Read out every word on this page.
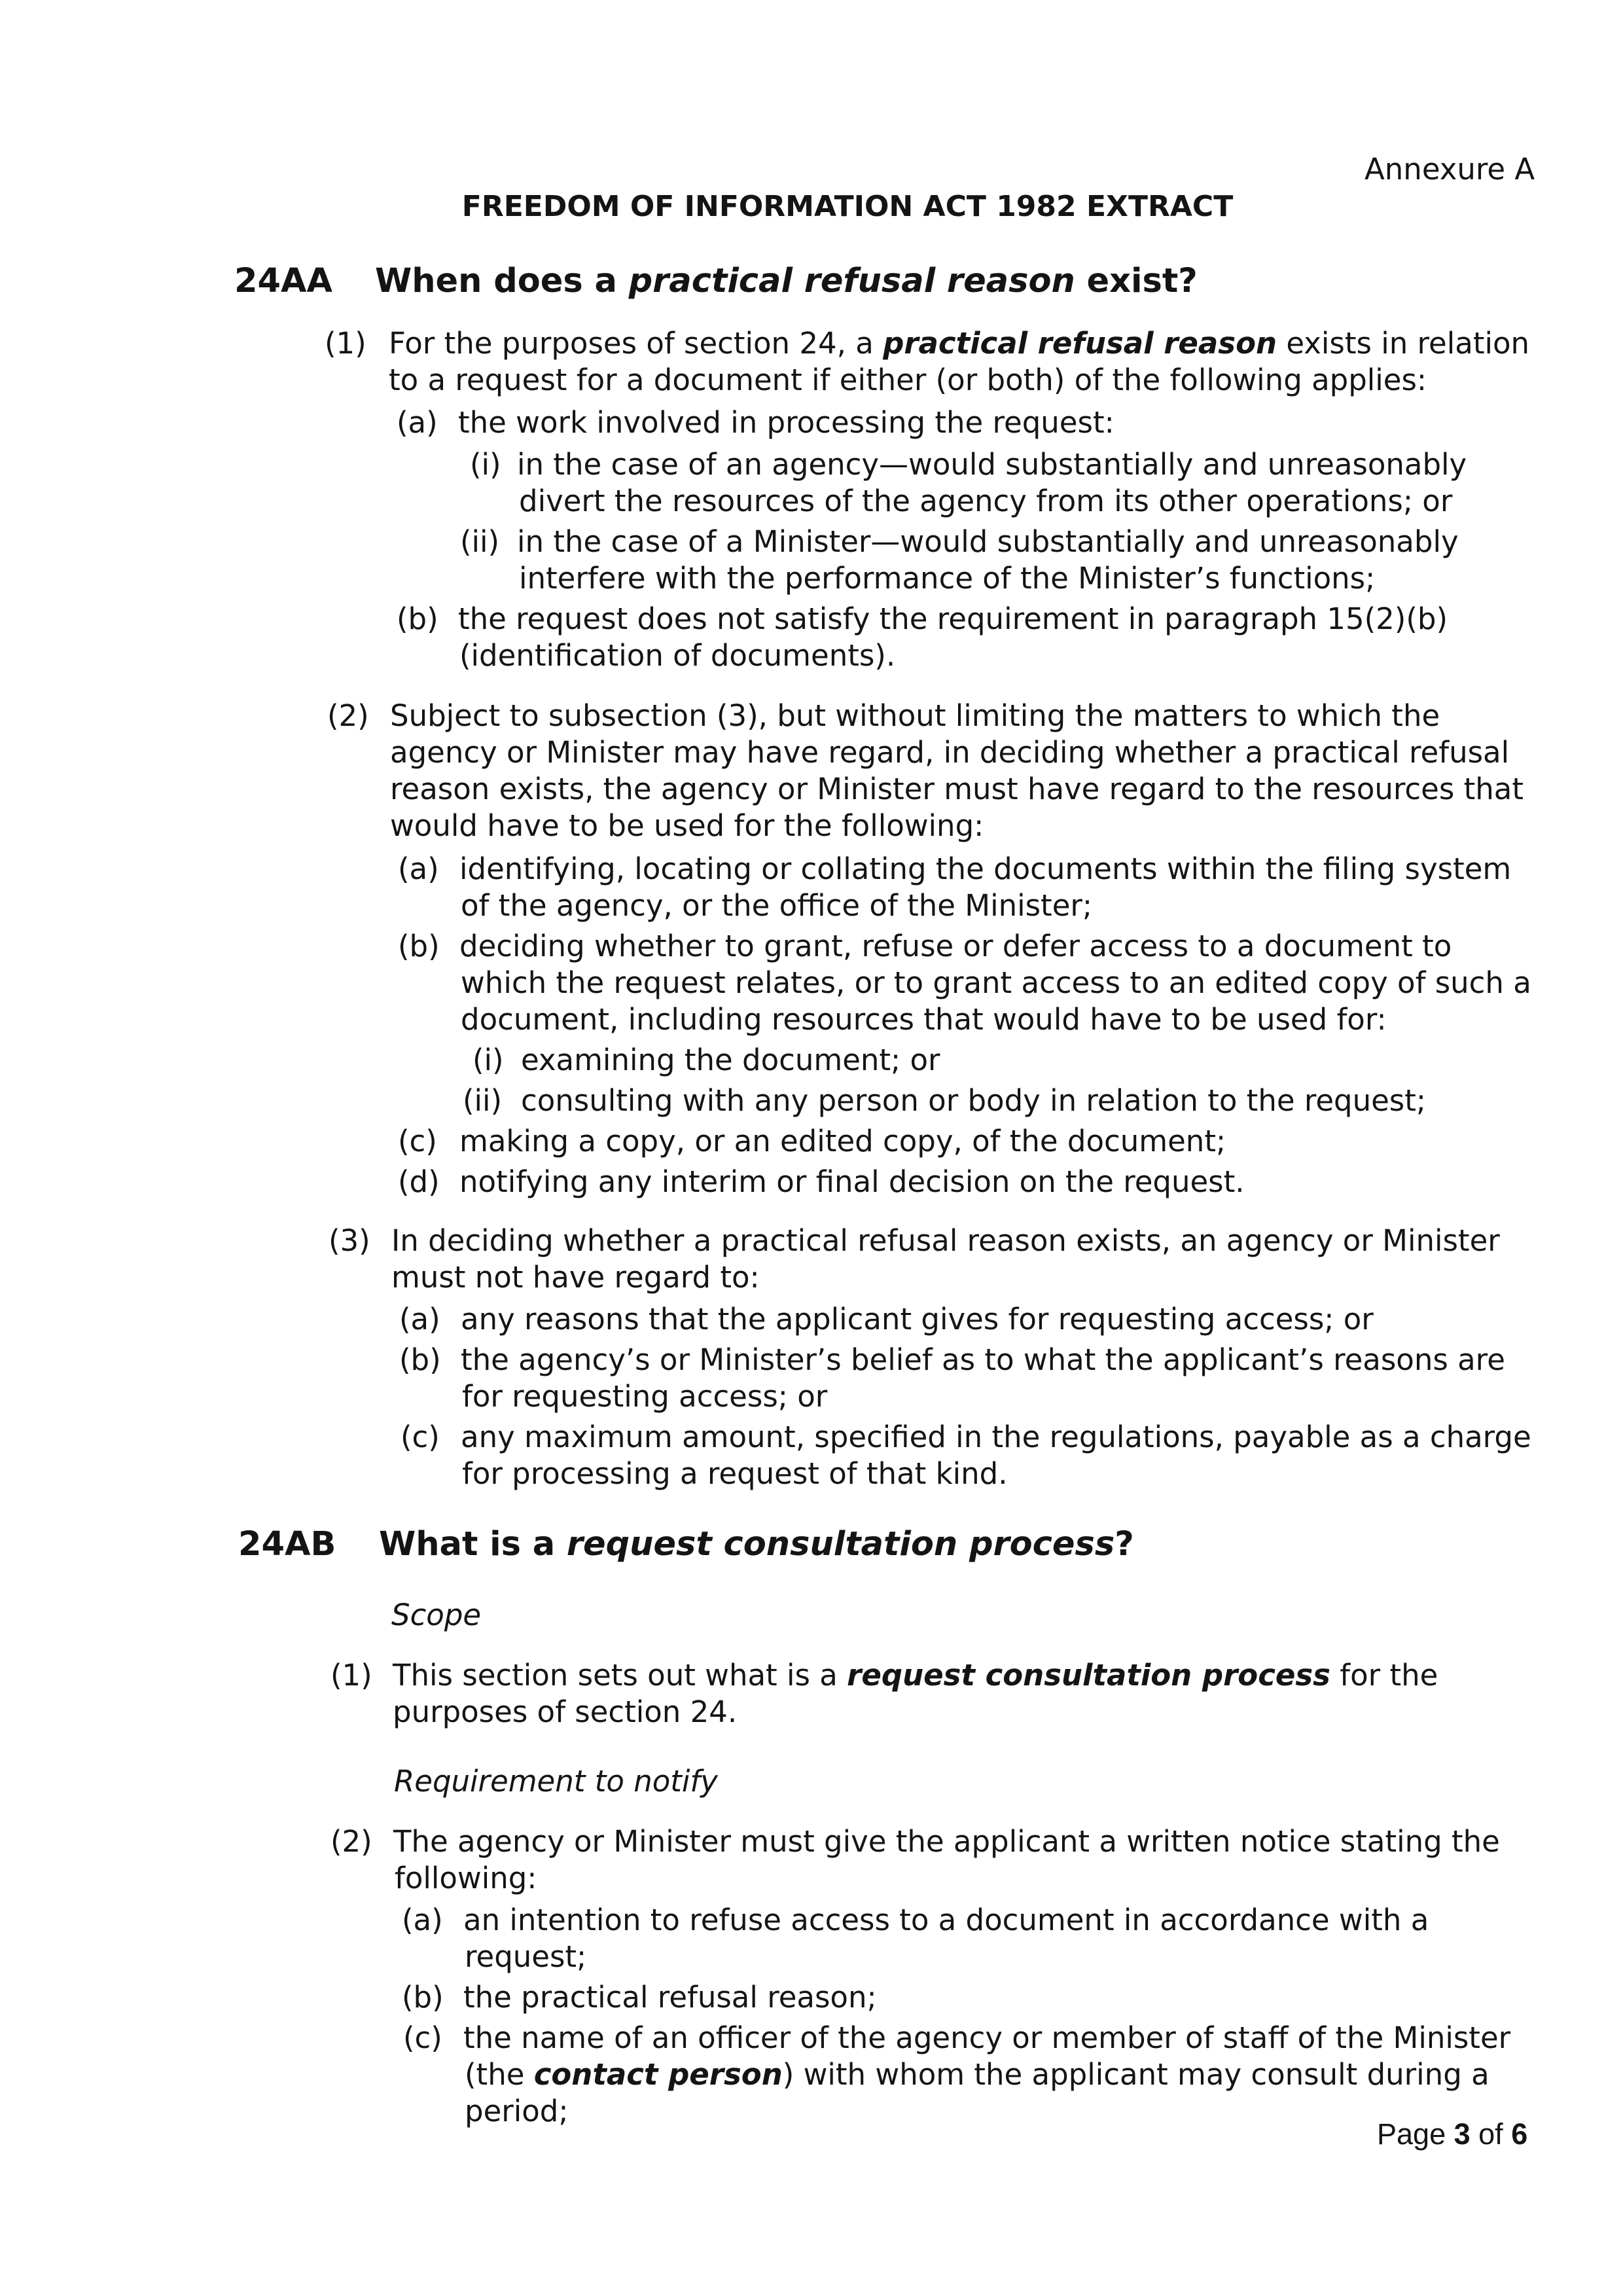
Annexure A
FREEDOM OF INFORMATION ACT 1982 EXTRACT
24AA When does a practical refusal reason exist?
(1) For the purposes of section 24, a practical refusal reason exists in relation
to a request for a document if either (or both) of the following applies:
(a) the work involved in processing the request:
(i) in the case of an agency—would substantially and unreasonably
divert the resources of the agency from its other operations; or
(ii) in the case of a Minister—would substantially and unreasonably
interfere with the performance of the Minister’s functions;
(b) the request does not satisfy the requirement in paragraph 15(2)(b)
(identification of documents).
(2) Subject to subsection (3), but without limiting the matters to which the
agency or Minister may have regard, in deciding whether a practical refusal
reason exists, the agency or Minister must have regard to the resources that
would have to be used for the following:
(a) identifying, locating or collating the documents within the filing system
of the agency, or the office of the Minister;
(b) deciding whether to grant, refuse or defer access to a document to
which the request relates, or to grant access to an edited copy of such a
document, including resources that would have to be used for:
(i) examining the document; or
(ii) consulting with any person or body in relation to the request;
(c) making a copy, or an edited copy, of the document;
(d) notifying any interim or final decision on the request.
(3) In deciding whether a practical refusal reason exists, an agency or Minister
must not have regard to:
(a) any reasons that the applicant gives for requesting access; or
(b) the agency’s or Minister’s belief as to what the applicant’s reasons are
for requesting access; or
(c) any maximum amount, specified in the regulations, payable as a charge
for processing a request of that kind.
24AB What is a request consultation process?
Scope
(1) This section sets out what is a request consultation process for the
purposes of section 24.
Requirement to notify
(2) The agency or Minister must give the applicant a written notice stating the
following:
(a) an intention to refuse access to a document in accordance with a
request;
(b) the practical refusal reason;
(c) the name of an officer of the agency or member of staff of the Minister
(the contact person) with whom the applicant may consult during a
period;
Page 3 of 6
